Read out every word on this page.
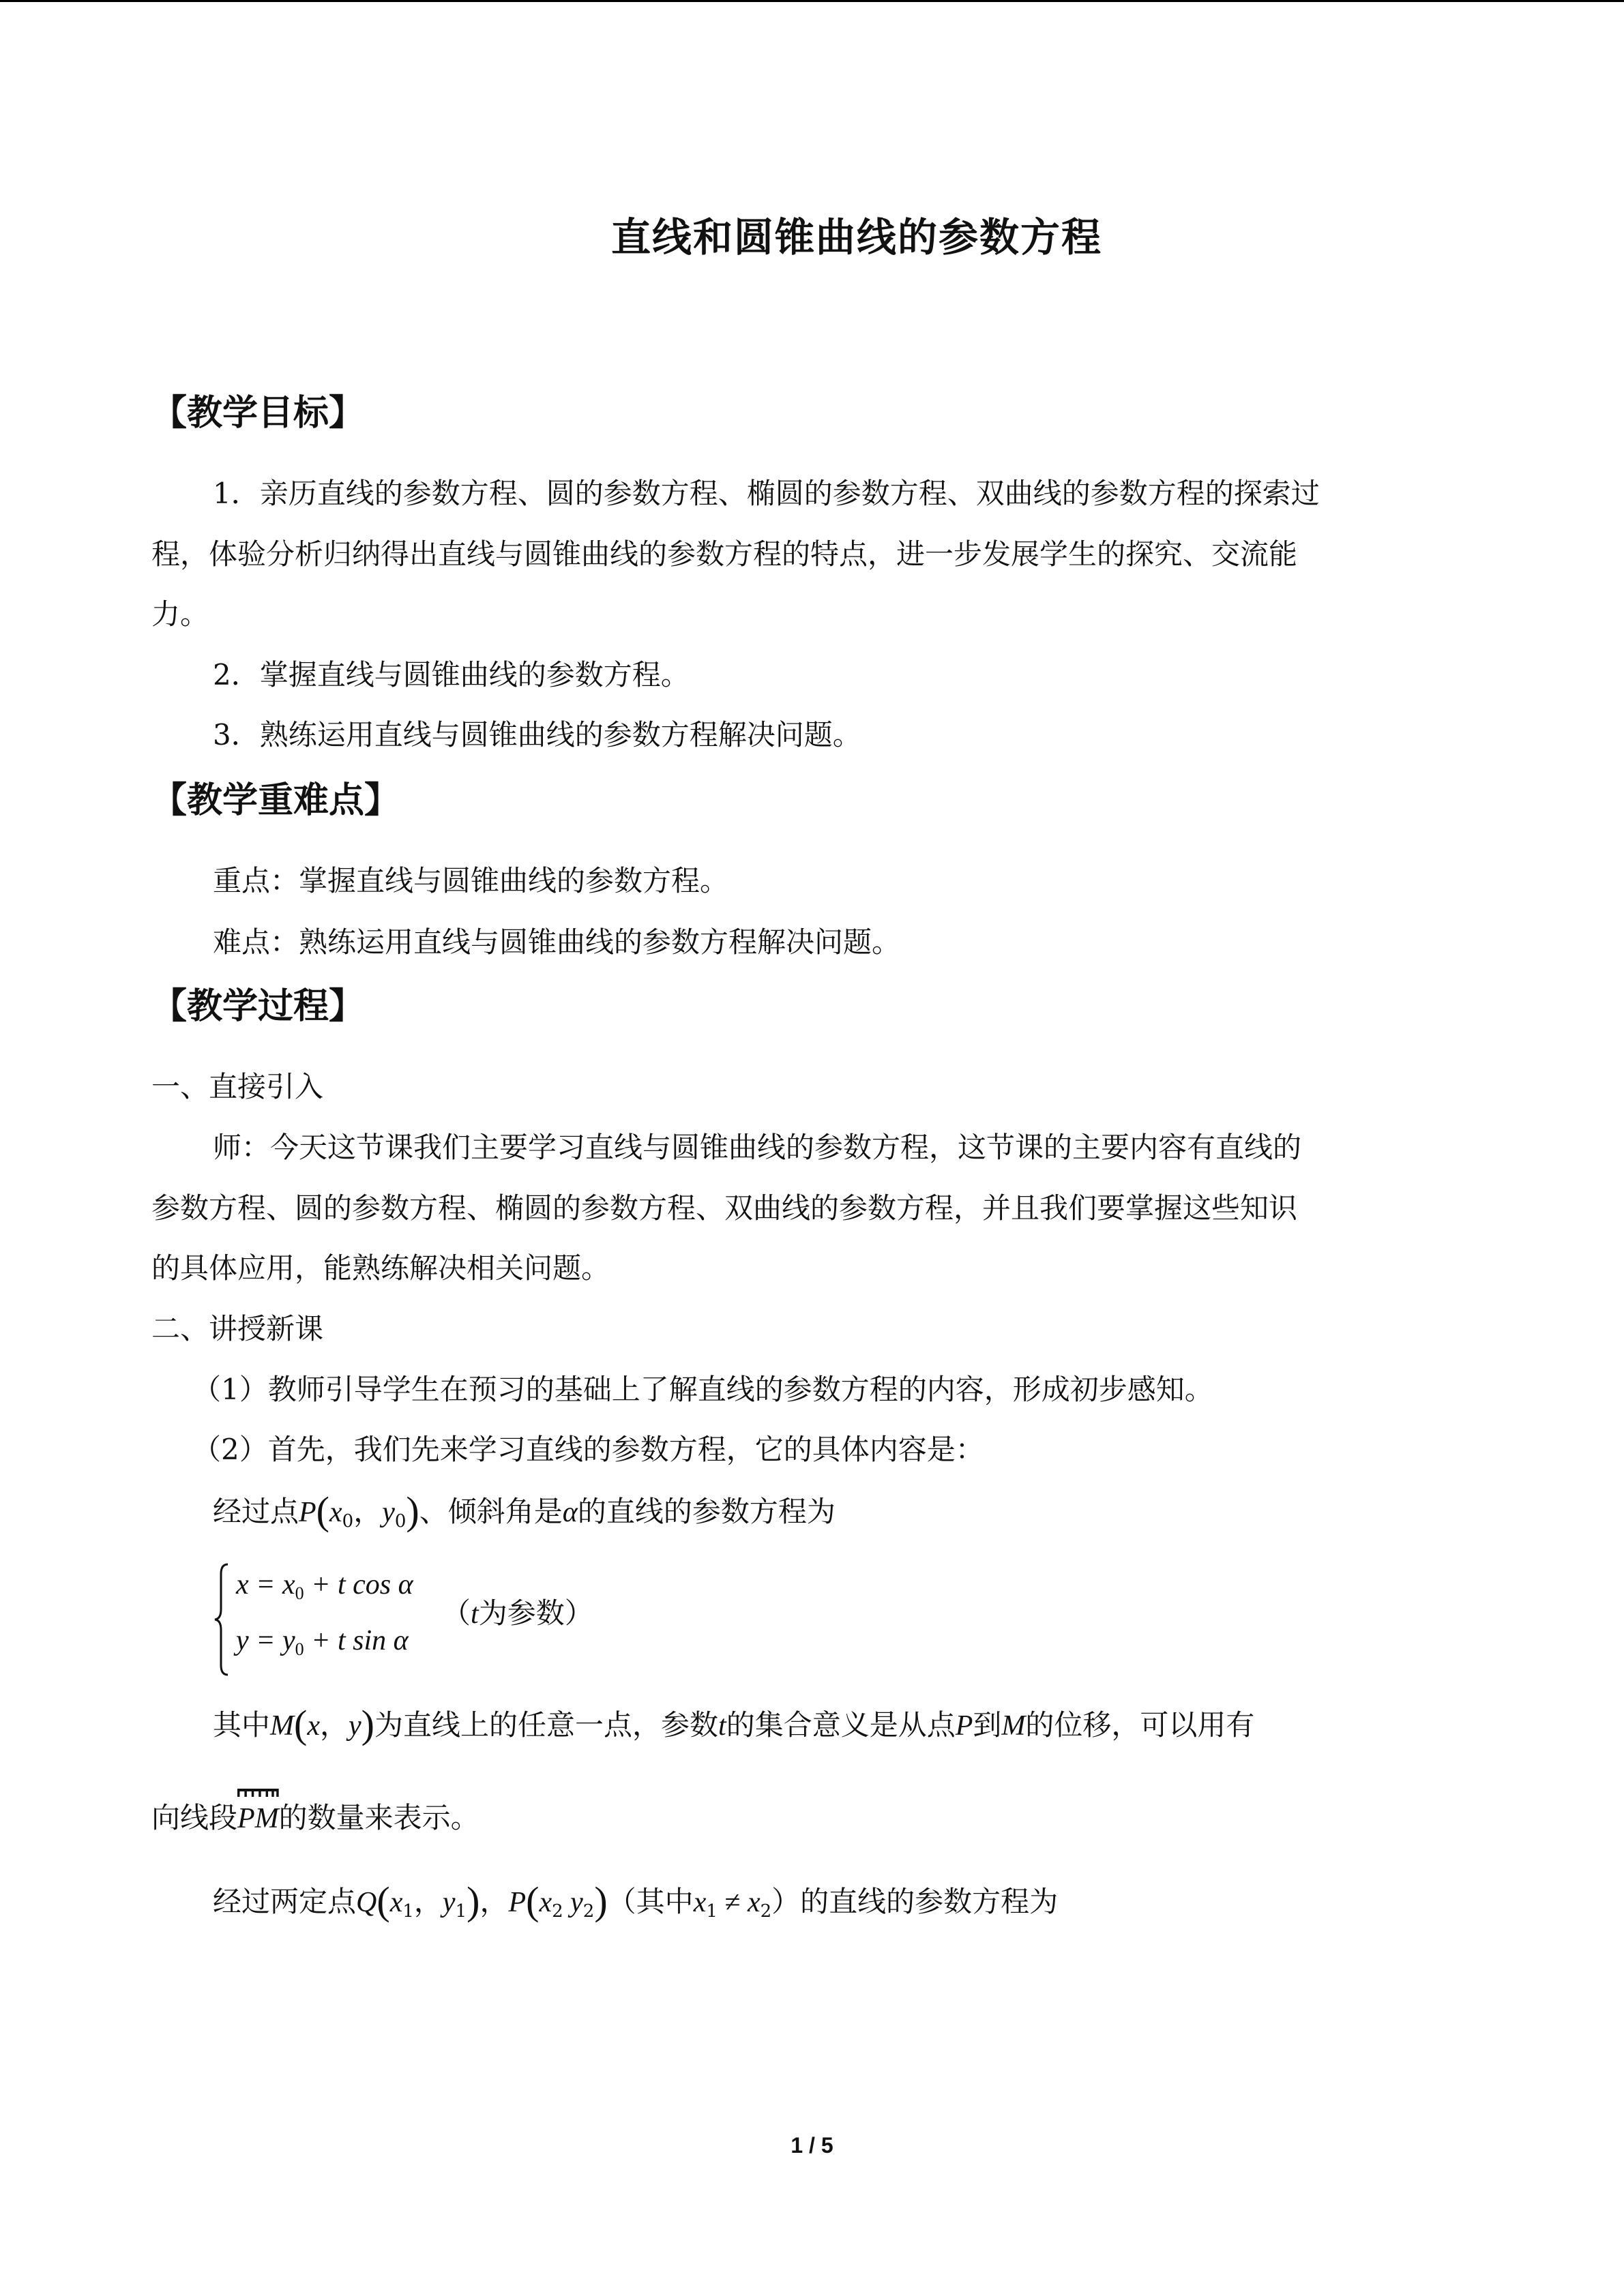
直线和圆锥曲线的参数方程
【教学目标】
1．亲历直线的参数方程、圆的参数方程、椭圆的参数方程、双曲线的参数方程的探索过
程，体验分析归纳得出直线与圆锥曲线的参数方程的特点，进一步发展学生的探究、交流能
力。
2．掌握直线与圆锥曲线的参数方程。
3．熟练运用直线与圆锥曲线的参数方程解决问题。
【教学重难点】
重点：掌握直线与圆锥曲线的参数方程。
难点：熟练运用直线与圆锥曲线的参数方程解决问题。
【教学过程】
一、直接引入
师：今天这节课我们主要学习直线与圆锥曲线的参数方程，这节课的主要内容有直线的
参数方程、圆的参数方程、椭圆的参数方程、双曲线的参数方程，并且我们要掌握这些知识
的具体应用，能熟练解决相关问题。
二、讲授新课
（1）教师引导学生在预习的基础上了解直线的参数方程的内容，形成初步感知。
（2）首先，我们先来学习直线的参数方程，它的具体内容是：
经过点$P(x_0$，$y_0$)、倾斜角是α的直线的参数方程为
$x = x_0 + t$ cos α
$y = y_0 + t$ sin α
（t为参数）
其中M(x，y)为直线上的任意一点，参数t的集合意义是从点P到M的位移，可以用有
向线段
PM的数量来表示。
经过两定点$Q(x_1$，$y_1$)，$P(x_2$ $y_2$)（其中$x_1 \ne x_2$）的直线的参数方程为
1 / 5
